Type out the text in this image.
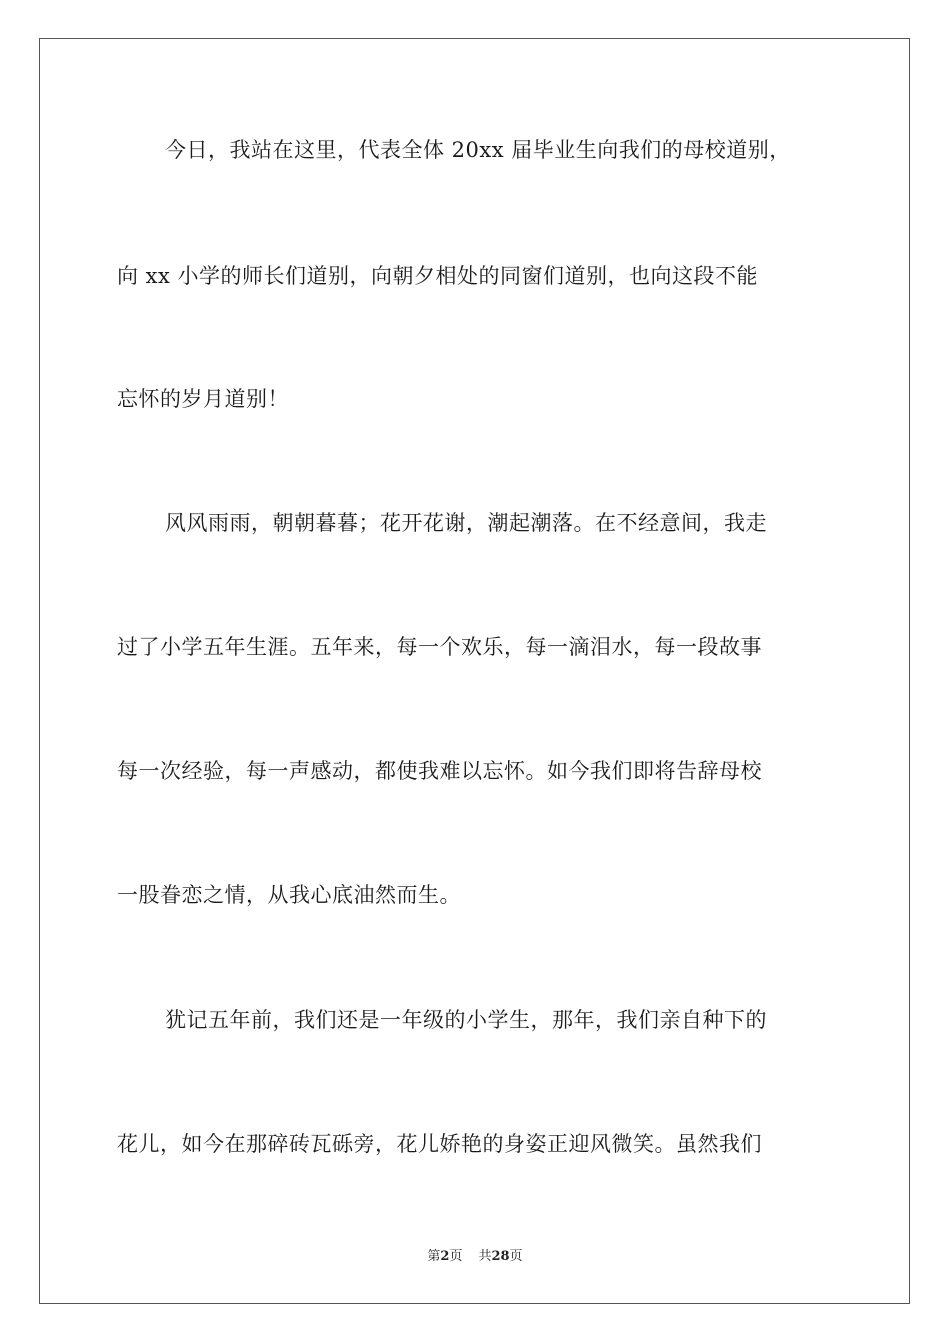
今日，我站在这里，代表全体 20xx 届毕业生向我们的母校道别，
向 xx 小学的师长们道别，向朝夕相处的同窗们道别，也向这段不能
忘怀的岁月道别！
风风雨雨，朝朝暮暮；花开花谢，潮起潮落。在不经意间，我走
过了小学五年生涯。五年来，每一个欢乐，每一滴泪水，每一段故事
每一次经验，每一声感动，都使我难以忘怀。如今我们即将告辞母校
一股眷恋之情，从我心底油然而生。
犹记五年前，我们还是一年级的小学生，那年，我们亲自种下的
花儿，如今在那碎砖瓦砾旁，花儿娇艳的身姿正迎风微笑。虽然我们
第2页 共28页
